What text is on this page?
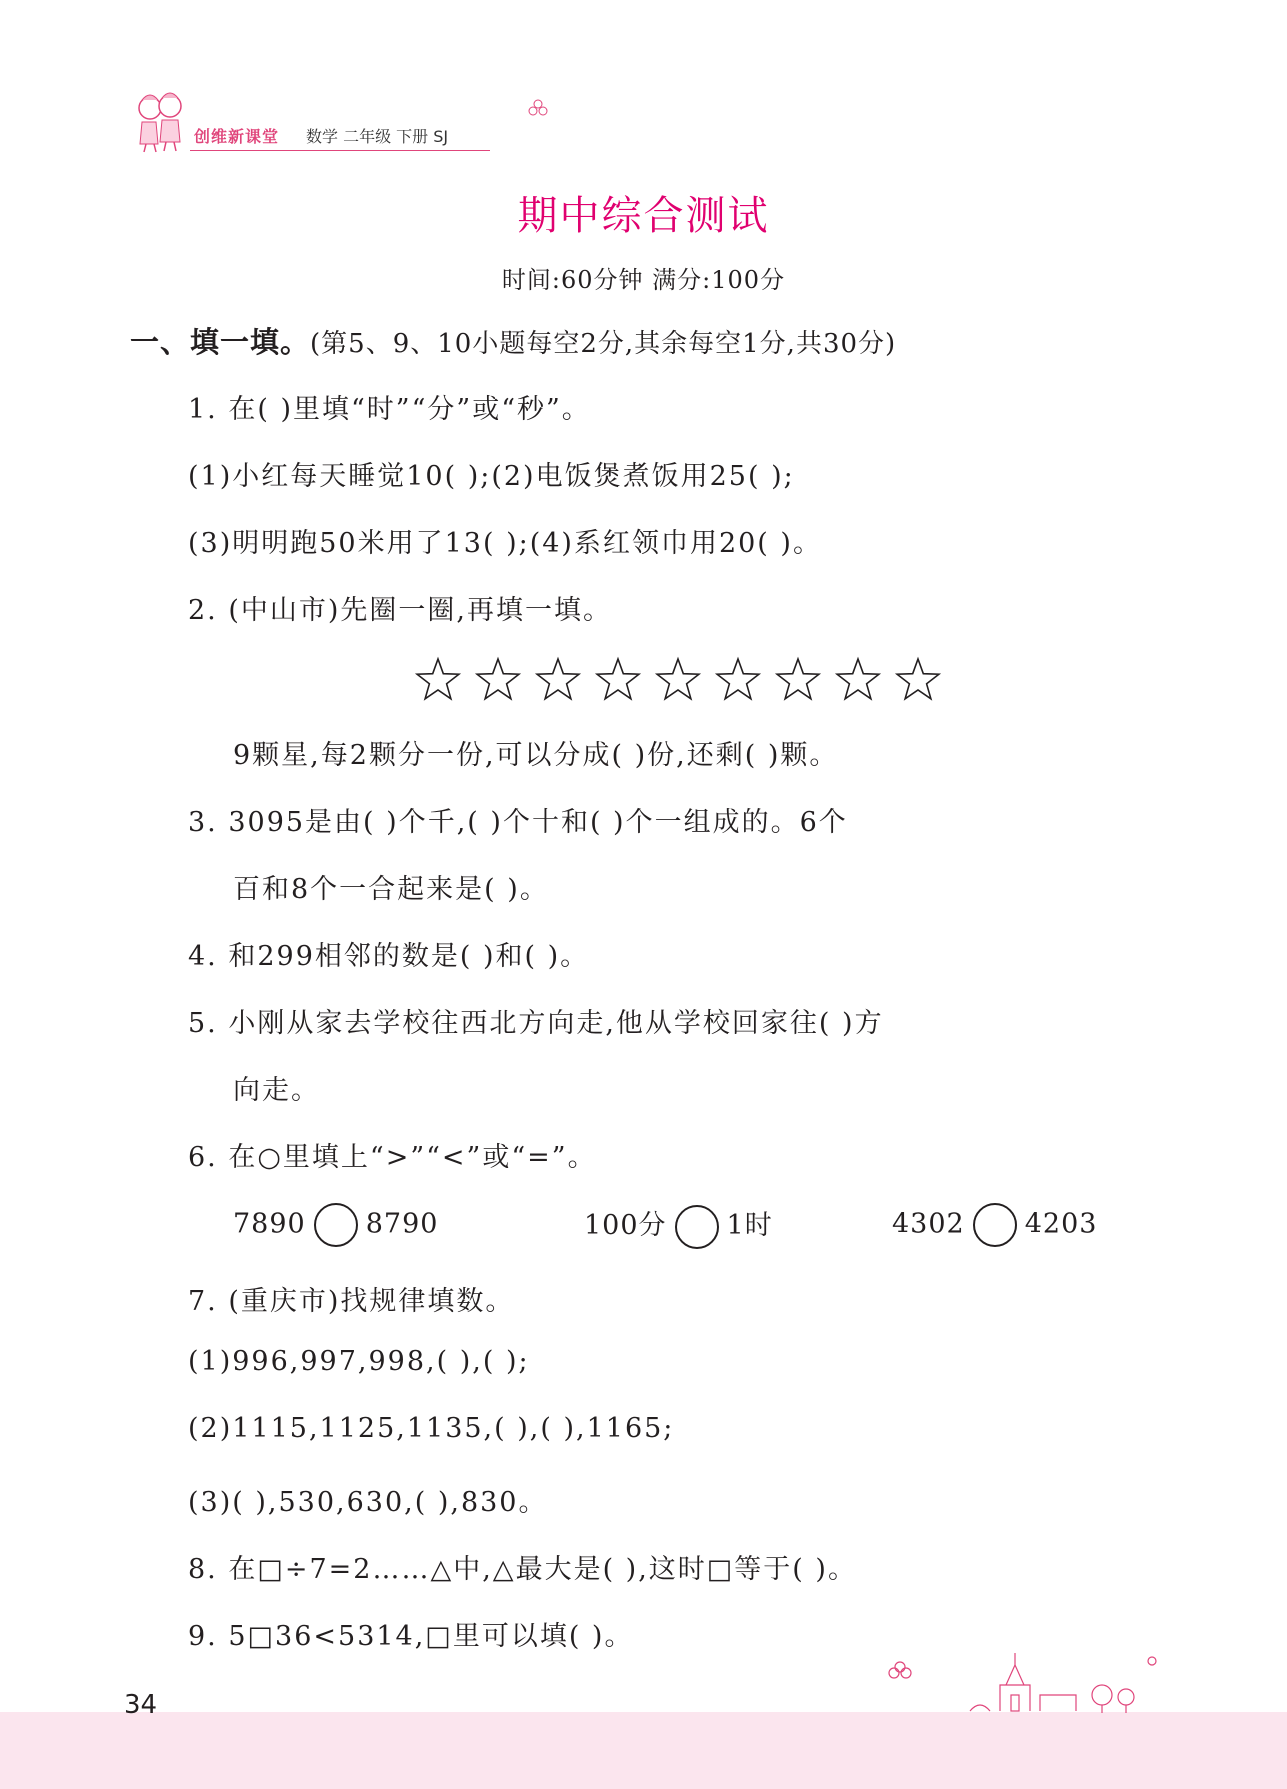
创维新课堂 数学 二年级 下册 SJ
期中综合测试
时间:60分钟 满分:100分
一、填一填。(第5、9、10小题每空2分,其余每空1分,共30分)
1. 在( )里填“时”“分”或“秒”。
(1)小红每天睡觉10( );(2)电饭煲煮饭用25( );
(3)明明跑50米用了13( );(4)系红领巾用20( )。
2. (中山市)先圈一圈,再填一填。
9颗星,每2颗分一份,可以分成( )份,还剩( )颗。
3. 3095是由( )个千,( )个十和( )个一组成的。6个
百和8个一合起来是( )。
4. 和299相邻的数是( )和( )。
5. 小刚从家去学校往西北方向走,他从学校回家往( )方
向走。
6. 在○里填上“>”“<”或“=”。
7890 8790	100分 1时	4302 4203
7. (重庆市)找规律填数。
(1)996,997,998,( ),( );
(2)1115,1125,1135,( ),( ),1165;
(3)( ),530,630,( ),830。
8. 在□÷7=2……△中,△最大是( ),这时□等于( )。
9. 5□36<5314,□里可以填( )。
34
